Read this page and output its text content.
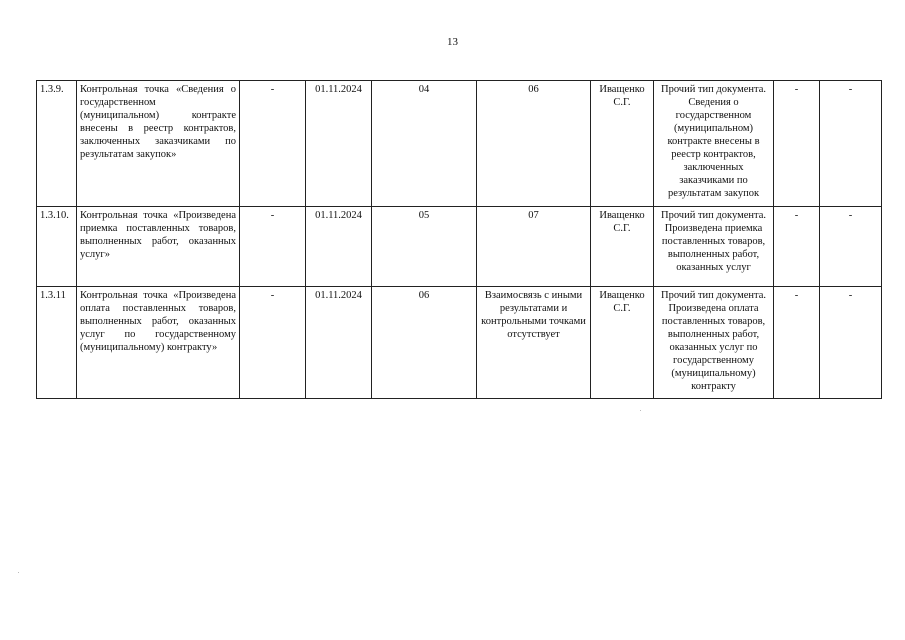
13
1.3.9.	Контрольная точка «Сведения о государственном (муниципальном) контракте внесены в реестр контрактов, заключенных заказчиками по результатам закупок»	-	01.11.2024	04	06	Иващенко С.Г.	Прочий тип документа. Сведения о государственном (муниципальном) контракте внесены в реестр контрактов, заключенных заказчиками по результатам закупок	-	-
1.3.10.	Контрольная точка «Произведена приемка поставленных товаров, выполненных работ, оказанных услуг»	-	01.11.2024	05	07	Иващенко С.Г.	Прочий тип документа. Произведена приемка поставленных товаров, выполненных работ, оказанных услуг	-	-
1.3.11	Контрольная точка «Произведена оплата поставленных товаров, выполненных работ, оказанных услуг по государственному (муниципальному) контракту»	-	01.11.2024	06	Взаимосвязь с иными результатами и контрольными точками отсутствует	Иващенко С.Г.	Прочий тип документа. Произведена оплата поставленных товаров, выполненных работ, оказанных услуг по государственному (муниципальному) контракту	-	-
